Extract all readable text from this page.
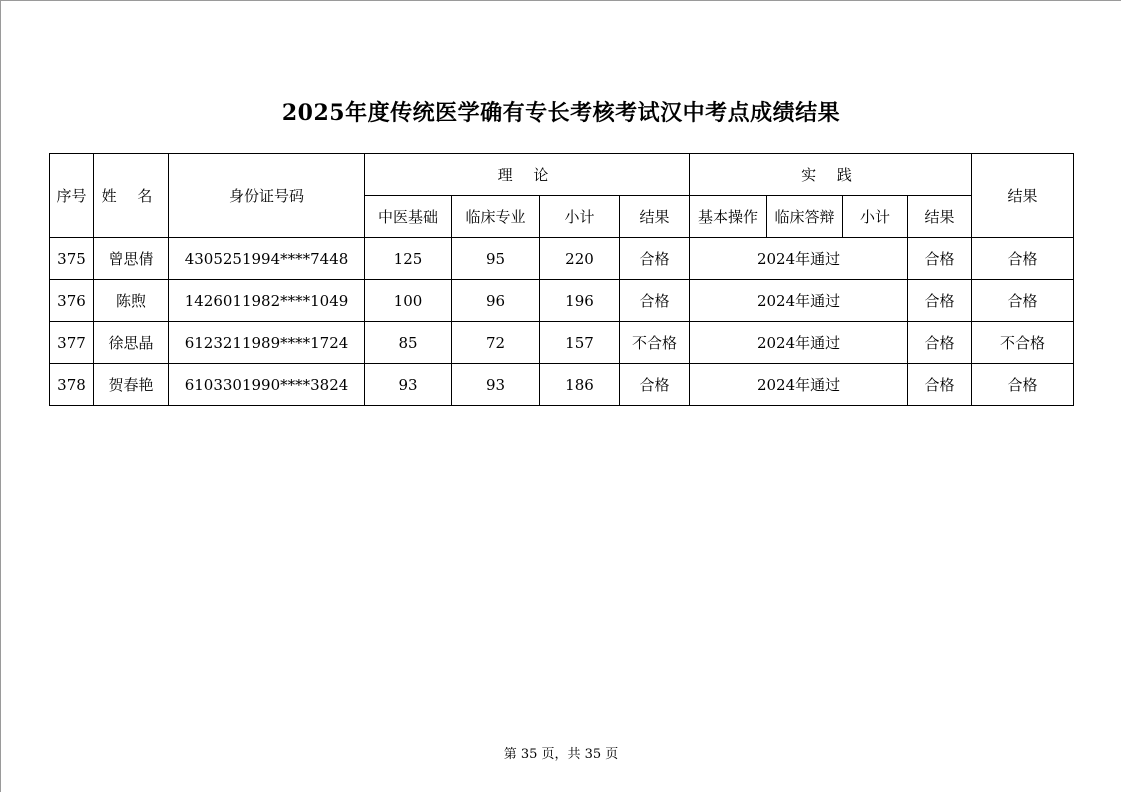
2025年度传统医学确有专长考核考试汉中考点成绩结果
序号	姓 名	身份证号码	理 论				实 践				结果
			中医基础	临床专业	小计	结果	基本操作	临床答辩	小计	结果	
375	曾思倩	4305251994****7448	125	95	220	合格	2024年通过			合格	合格
376	陈煦	1426011982****1049	100	96	196	合格	2024年通过			合格	合格
377	徐思晶	6123211989****1724	85	72	157	不合格	2024年通过			合格	不合格
378	贺春艳	6103301990****3824	93	93	186	合格	2024年通过			合格	合格
第 35 页，共 35 页
